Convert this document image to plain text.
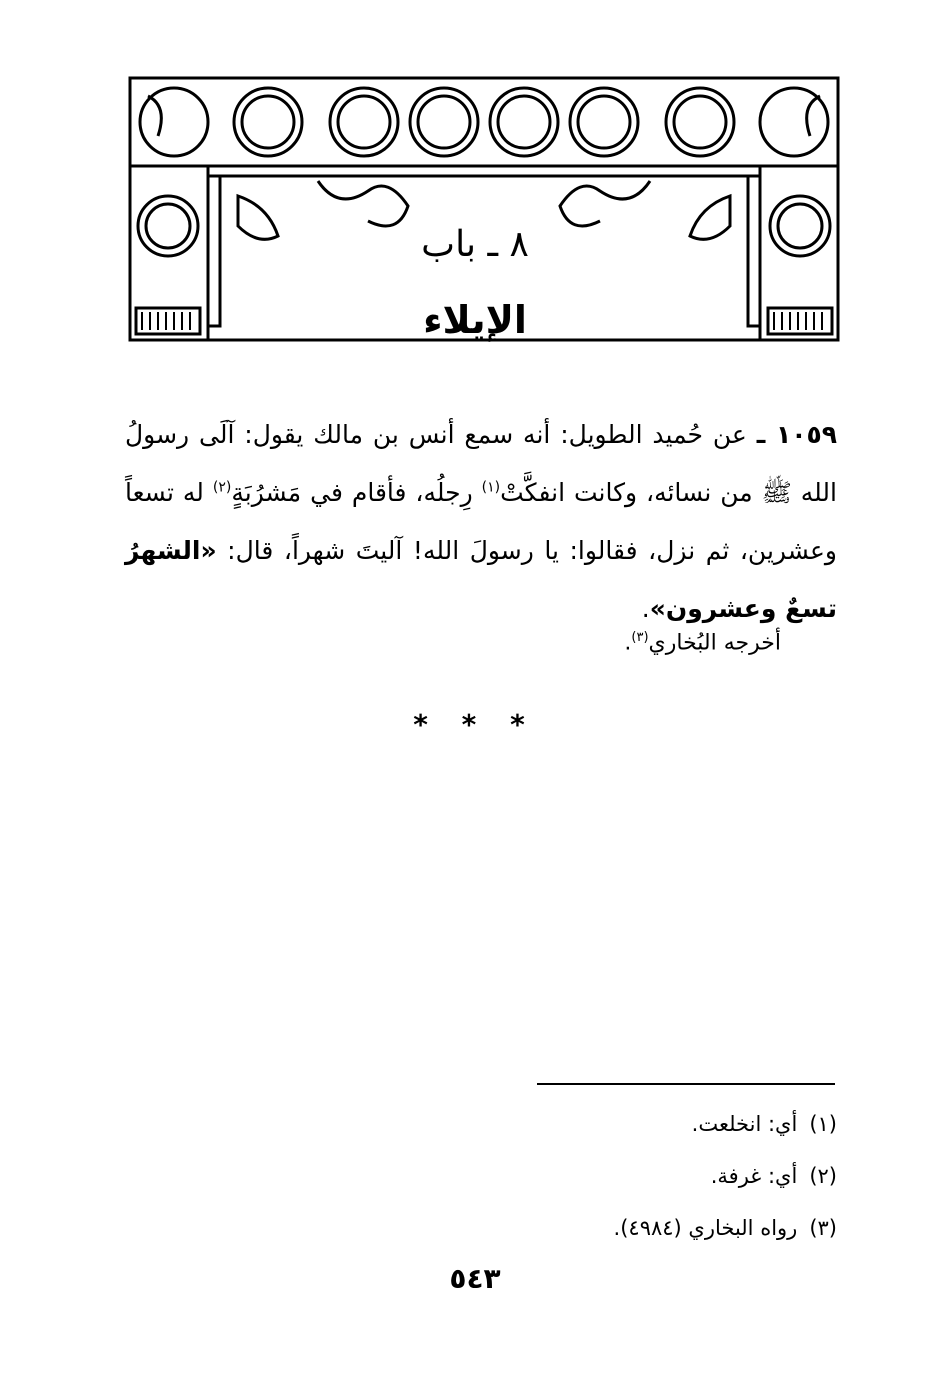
٨ ـ باب
الإيلاء
١٠٥٩ ـ عن حُميد الطويل: أنه سمع أنس بن مالك يقول: آلَى رسولُ الله ﷺ من نسائه، وكانت انفكَّتْ$^{(١)}$ رِجلُه، فأقام في مَشرُبَةٍ$^{(٢)}$ له تسعاً وعشرين، ثم نزل، فقالوا: يا رسولَ الله! آليتَ شهراً، قال: «الشهرُ تسعٌ وعشرون».
أخرجه البُخاري$^{(٣)}$.
* * *
(١)أي: انخلعت.
(٢)أي: غرفة.
(٣)رواه البخاري (٤٩٨٤).
٥٤٣
